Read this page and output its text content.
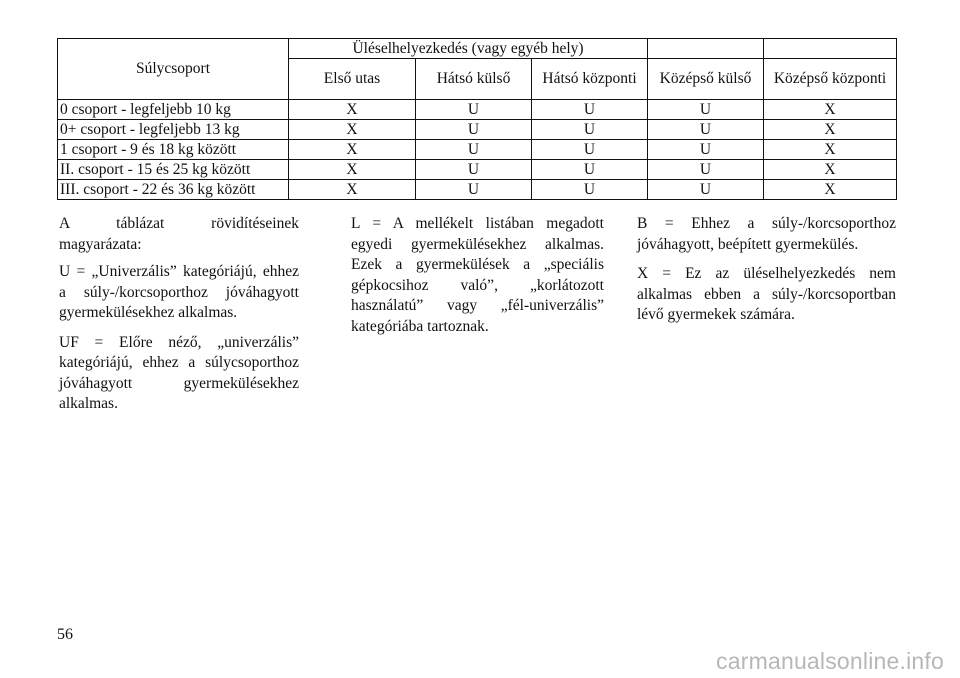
Súlycsoport	Üléselhelyezkedés (vagy egyéb hely)				
	Első utas	Hátsó külső	Hátsó központi	Középső külső	Középső központi
0 csoport - legfeljebb 10 kg	X	U	U	U	X
0+ csoport - legfeljebb 13 kg	X	U	U	U	X
1 csoport - 9 és 18 kg között	X	U	U	U	X
II. csoport - 15 és 25 kg között	X	U	U	U	X
III. csoport - 22 és 36 kg között	X	U	U	U	X

A táblázat rövidítéseinek magyarázata:

U = „Univerzális” kategóriájú, ehhez a súly-/korcsoporthoz jóváhagyott gyermekülésekhez alkalmas.

UF = Előre néző, „univerzális” kategóriájú, ehhez a súlycsoporthoz jóváhagyott gyermekülésekhez alkalmas.

L = A mellékelt listában megadott egyedi gyermekülésekhez alkalmas. Ezek a gyermekülések a „speciális gépkocsihoz való”, „korlátozott használatú” vagy „fél-univerzális” kategóriába tartoznak.

B = Ehhez a súly-/korcsoporthoz jóváhagyott, beépített gyermekülés.

X = Ez az üléselhelyezkedés nem alkalmas ebben a súly-/korcsoportban lévő gyermekek számára.

56
carmanualsonline.info
